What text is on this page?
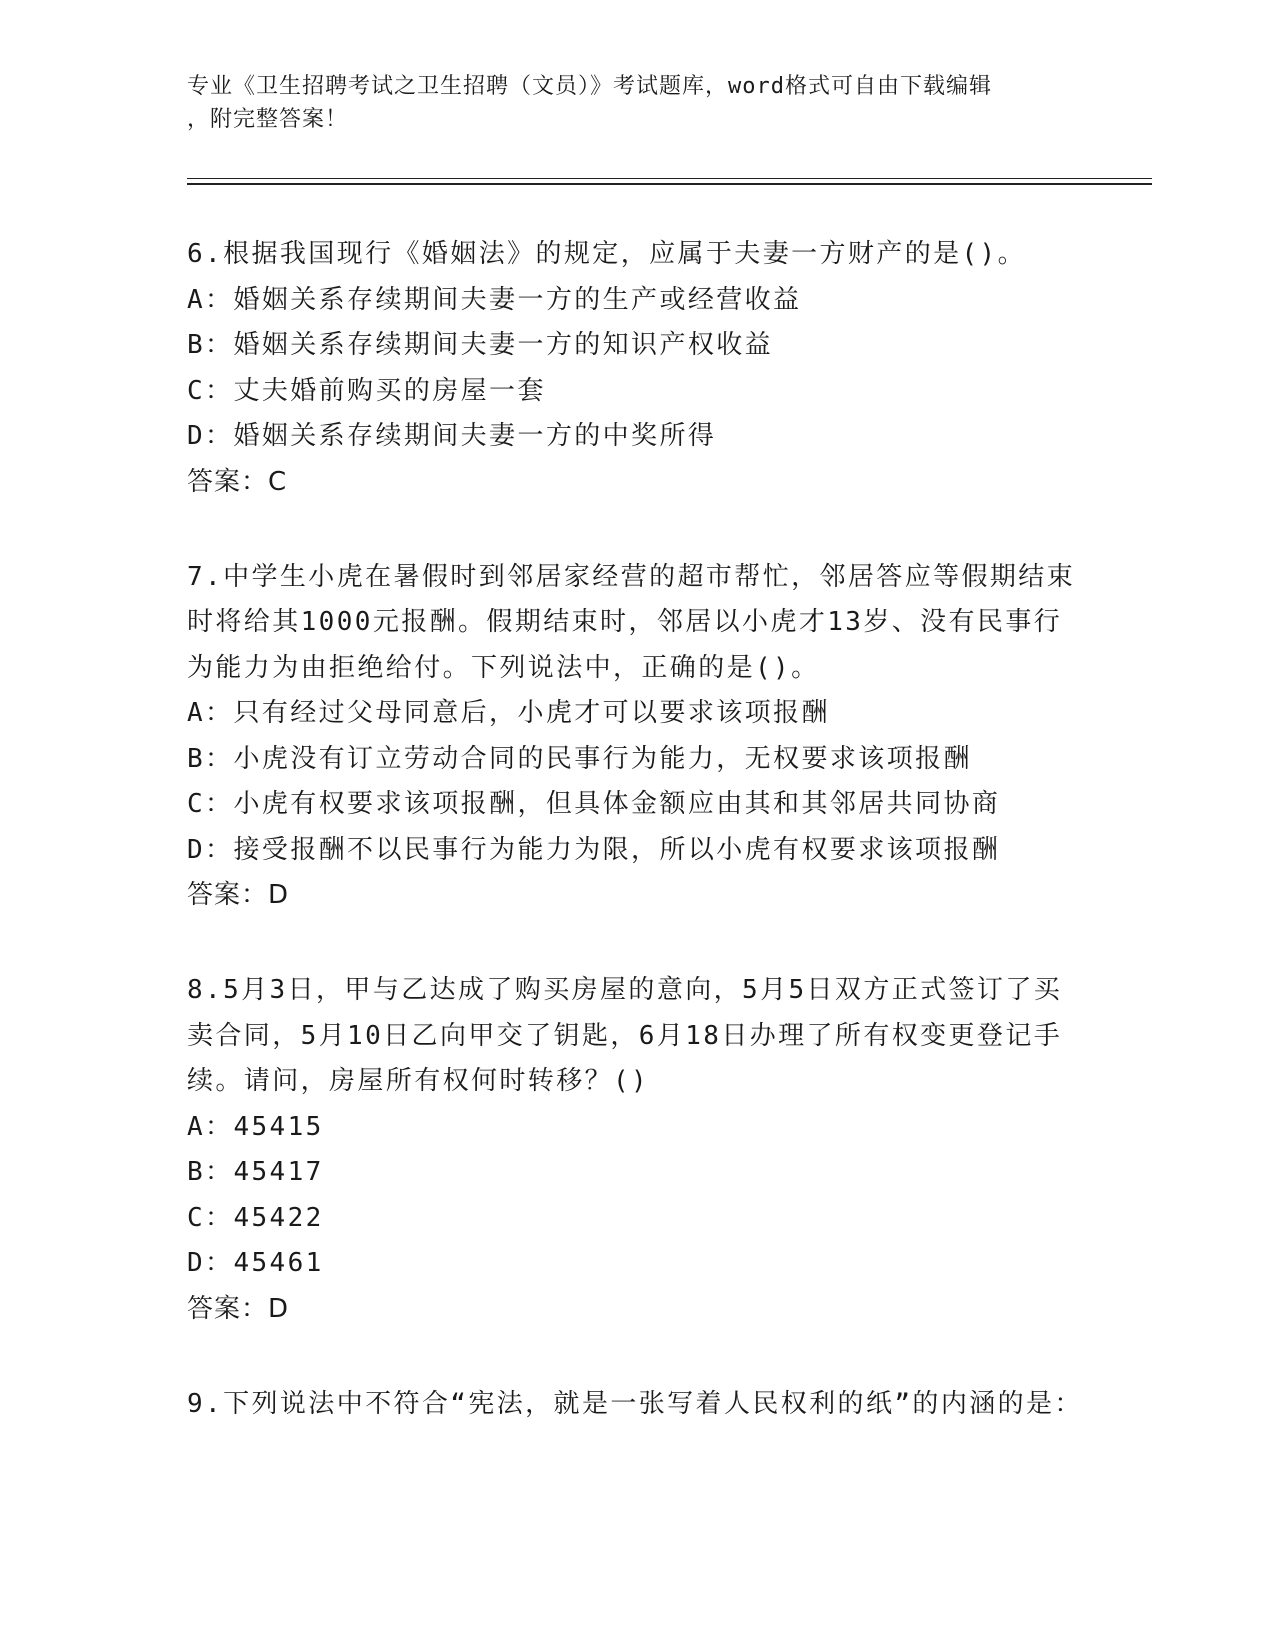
专业《卫生招聘考试之卫生招聘（文员）》考试题库，word格式可自由下载编辑
，附完整答案！
6.根据我国现行《婚姻法》的规定，应属于夫妻一方财产的是()。
A：婚姻关系存续期间夫妻一方的生产或经营收益
B：婚姻关系存续期间夫妻一方的知识产权收益
C：丈夫婚前购买的房屋一套
D：婚姻关系存续期间夫妻一方的中奖所得
答案：C
7.中学生小虎在暑假时到邻居家经营的超市帮忙，邻居答应等假期结束时将给其1000元报酬。假期结束时，邻居以小虎才13岁、没有民事行为能力为由拒绝给付。下列说法中，正确的是()。
A：只有经过父母同意后，小虎才可以要求该项报酬
B：小虎没有订立劳动合同的民事行为能力，无权要求该项报酬
C：小虎有权要求该项报酬，但具体金额应由其和其邻居共同协商
D：接受报酬不以民事行为能力为限，所以小虎有权要求该项报酬
答案：D
8.5月3日，甲与乙达成了购买房屋的意向，5月5日双方正式签订了买卖合同，5月10日乙向甲交了钥匙，6月18日办理了所有权变更登记手续。请问，房屋所有权何时转移？()
A：45415
B：45417
C：45422
D：45461
答案：D
9.下列说法中不符合“宪法，就是一张写着人民权利的纸”的内涵的是：
